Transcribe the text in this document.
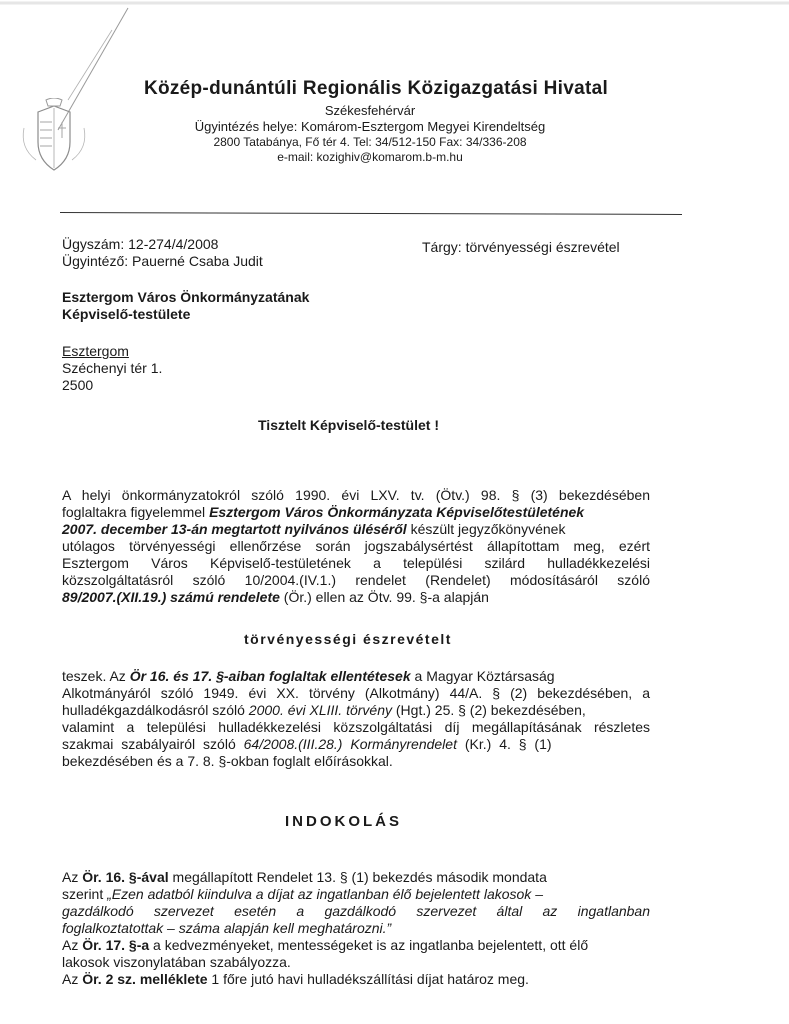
Közép-dunántúli Regionális Közigazgatási Hivatal
Székesfehérvár
Ügyintézés helye: Komárom-Esztergom Megyei Kirendeltség
2800 Tatabánya, Fő tér 4. Tel: 34/512-150 Fax: 34/336-208
e-mail: kozighiv@komarom.b-m.hu
Ügyszám: 12-274/4/2008
Ügyintéző: Pauerné Csaba Judit
Tárgy: törvényességi észrevétel
Esztergom Város Önkormányzatának
Képviselő-testülete
Esztergom
Széchenyi tér 1.
2500
Tisztelt Képviselő-testület !
A helyi önkormányzatokról szóló 1990. évi LXV. tv. (Ötv.) 98. § (3) bekezdésében
foglaltakra figyelemmel Esztergom Város Önkormányzata Képviselőtestületének
2007. december 13-án megtartott nyilvános üléséről készült jegyzőkönyvének
utólagos törvényességi ellenőrzése során jogszabálysértést állapítottam meg, ezért
Esztergom Város Képviselő-testületének a települési szilárd hulladékkezelési
közszolgáltatásról szóló 10/2004.(IV.1.) rendelet (Rendelet) módosításáról szóló
89/2007.(XII.19.) számú rendelete (Ör.) ellen az Ötv. 99. §-a alapján
törvényességi észrevételt
teszek. Az Ör 16. és 17. §-aiban foglaltak ellentétesek a Magyar Köztársaság
Alkotmányáról szóló 1949. évi XX. törvény (Alkotmány) 44/A. § (2) bekezdésében, a
hulladékgazdálkodásról szóló 2000. évi XLIII. törvény (Hgt.) 25. § (2) bekezdésében,
valamint a települési hulladékkezelési közszolgáltatási díj megállapításának részletes
szakmai szabályairól szóló 64/2008.(III.28.) Kormányrendelet (Kr.) 4. § (1)
bekezdésében és a 7. 8. §-okban foglalt előírásokkal.
INDOKOLÁS
Az Ör. 16. §-ával megállapított Rendelet 13. § (1) bekezdés második mondata
szerint „Ezen adatból kiindulva a díjat az ingatlanban élő bejelentett lakosok –
gazdálkodó szervezet esetén a gazdálkodó szervezet által az ingatlanban
foglalkoztatottak – száma alapján kell meghatározni.”
Az Ör. 17. §-a a kedvezményeket, mentességeket is az ingatlanba bejelentett, ott élő
lakosok viszonylatában szabályozza.
Az Ör. 2 sz. melléklete 1 főre jutó havi hulladékszállítási díjat határoz meg.
